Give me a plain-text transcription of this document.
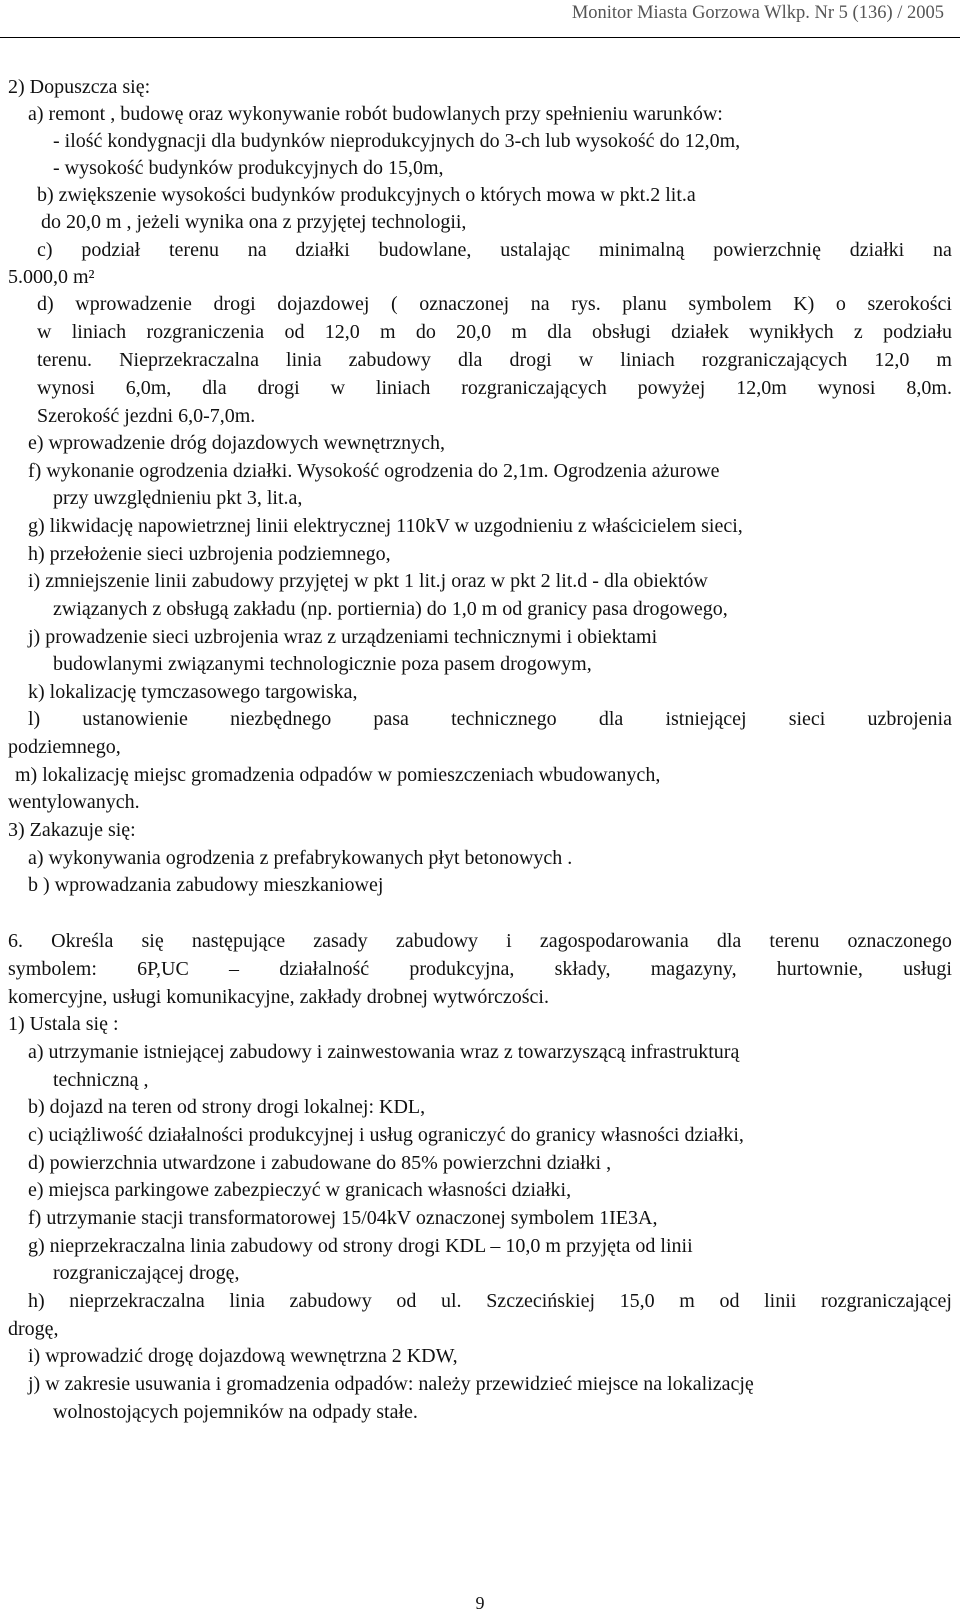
Monitor Miasta Gorzowa Wlkp. Nr 5 (136) / 2005
2) Dopuszcza się:
a) remont , budowę oraz wykonywanie robót budowlanych przy spełnieniu warunków:
- ilość kondygnacji dla budynków nieprodukcyjnych do 3-ch lub wysokość do 12,0m,
- wysokość budynków produkcyjnych do 15,0m,
b) zwiększenie wysokości budynków produkcyjnych o których mowa w pkt.2 lit.a
do 20,0 m , jeżeli wynika ona z przyjętej technologii,
c) podział terenu na działki budowlane, ustalając minimalną powierzchnię działki na
5.000,0 m²
d) wprowadzenie drogi dojazdowej ( oznaczonej na rys. planu symbolem K) o szerokości
w liniach rozgraniczenia od 12,0 m do 20,0 m dla obsługi działek wynikłych z podziału
terenu. Nieprzekraczalna linia zabudowy dla drogi w liniach rozgraniczających 12,0 m
wynosi 6,0m, dla drogi w liniach rozgraniczających powyżej 12,0m wynosi 8,0m.
Szerokość jezdni 6,0-7,0m.
e) wprowadzenie dróg dojazdowych wewnętrznych,
f) wykonanie ogrodzenia działki. Wysokość ogrodzenia do 2,1m. Ogrodzenia ażurowe
przy uwzględnieniu pkt 3, lit.a,
g) likwidację napowietrznej linii elektrycznej 110kV w uzgodnieniu z właścicielem sieci,
h) przełożenie sieci uzbrojenia podziemnego,
i) zmniejszenie linii zabudowy przyjętej w pkt 1 lit.j oraz w pkt 2 lit.d - dla obiektów
związanych z obsługą zakładu (np. portiernia) do 1,0 m od granicy pasa drogowego,
j) prowadzenie sieci uzbrojenia wraz z urządzeniami technicznymi i obiektami
budowlanymi związanymi technologicznie poza pasem drogowym,
k) lokalizację tymczasowego targowiska,
l) ustanowienie niezbędnego pasa technicznego dla istniejącej sieci uzbrojenia
podziemnego,
m) lokalizację miejsc gromadzenia odpadów w pomieszczeniach wbudowanych,
wentylowanych.
3) Zakazuje się:
a) wykonywania ogrodzenia z prefabrykowanych płyt betonowych .
b ) wprowadzania zabudowy mieszkaniowej
6. Określa się następujące zasady zabudowy i zagospodarowania dla terenu oznaczonego
symbolem: 6P,UC – działalność produkcyjna, składy, magazyny, hurtownie, usługi
komercyjne, usługi komunikacyjne, zakłady drobnej wytwórczości.
1) Ustala się :
a) utrzymanie istniejącej zabudowy i zainwestowania wraz z towarzyszącą infrastrukturą
techniczną ,
b) dojazd na teren od strony drogi lokalnej: KDL,
c) uciążliwość działalności produkcyjnej i usług ograniczyć do granicy własności działki,
d) powierzchnia utwardzone i zabudowane do 85% powierzchni działki ,
e) miejsca parkingowe zabezpieczyć w granicach własności działki,
f) utrzymanie stacji transformatorowej 15/04kV oznaczonej symbolem 1IE3A,
g) nieprzekraczalna linia zabudowy od strony drogi KDL – 10,0 m przyjęta od linii
rozgraniczającej drogę,
h) nieprzekraczalna linia zabudowy od ul. Szczecińskiej 15,0 m od linii rozgraniczającej
drogę,
i) wprowadzić drogę dojazdową wewnętrzna 2 KDW,
j) w zakresie usuwania i gromadzenia odpadów: należy przewidzieć miejsce na lokalizację
wolnostojących pojemników na odpady stałe.
9
